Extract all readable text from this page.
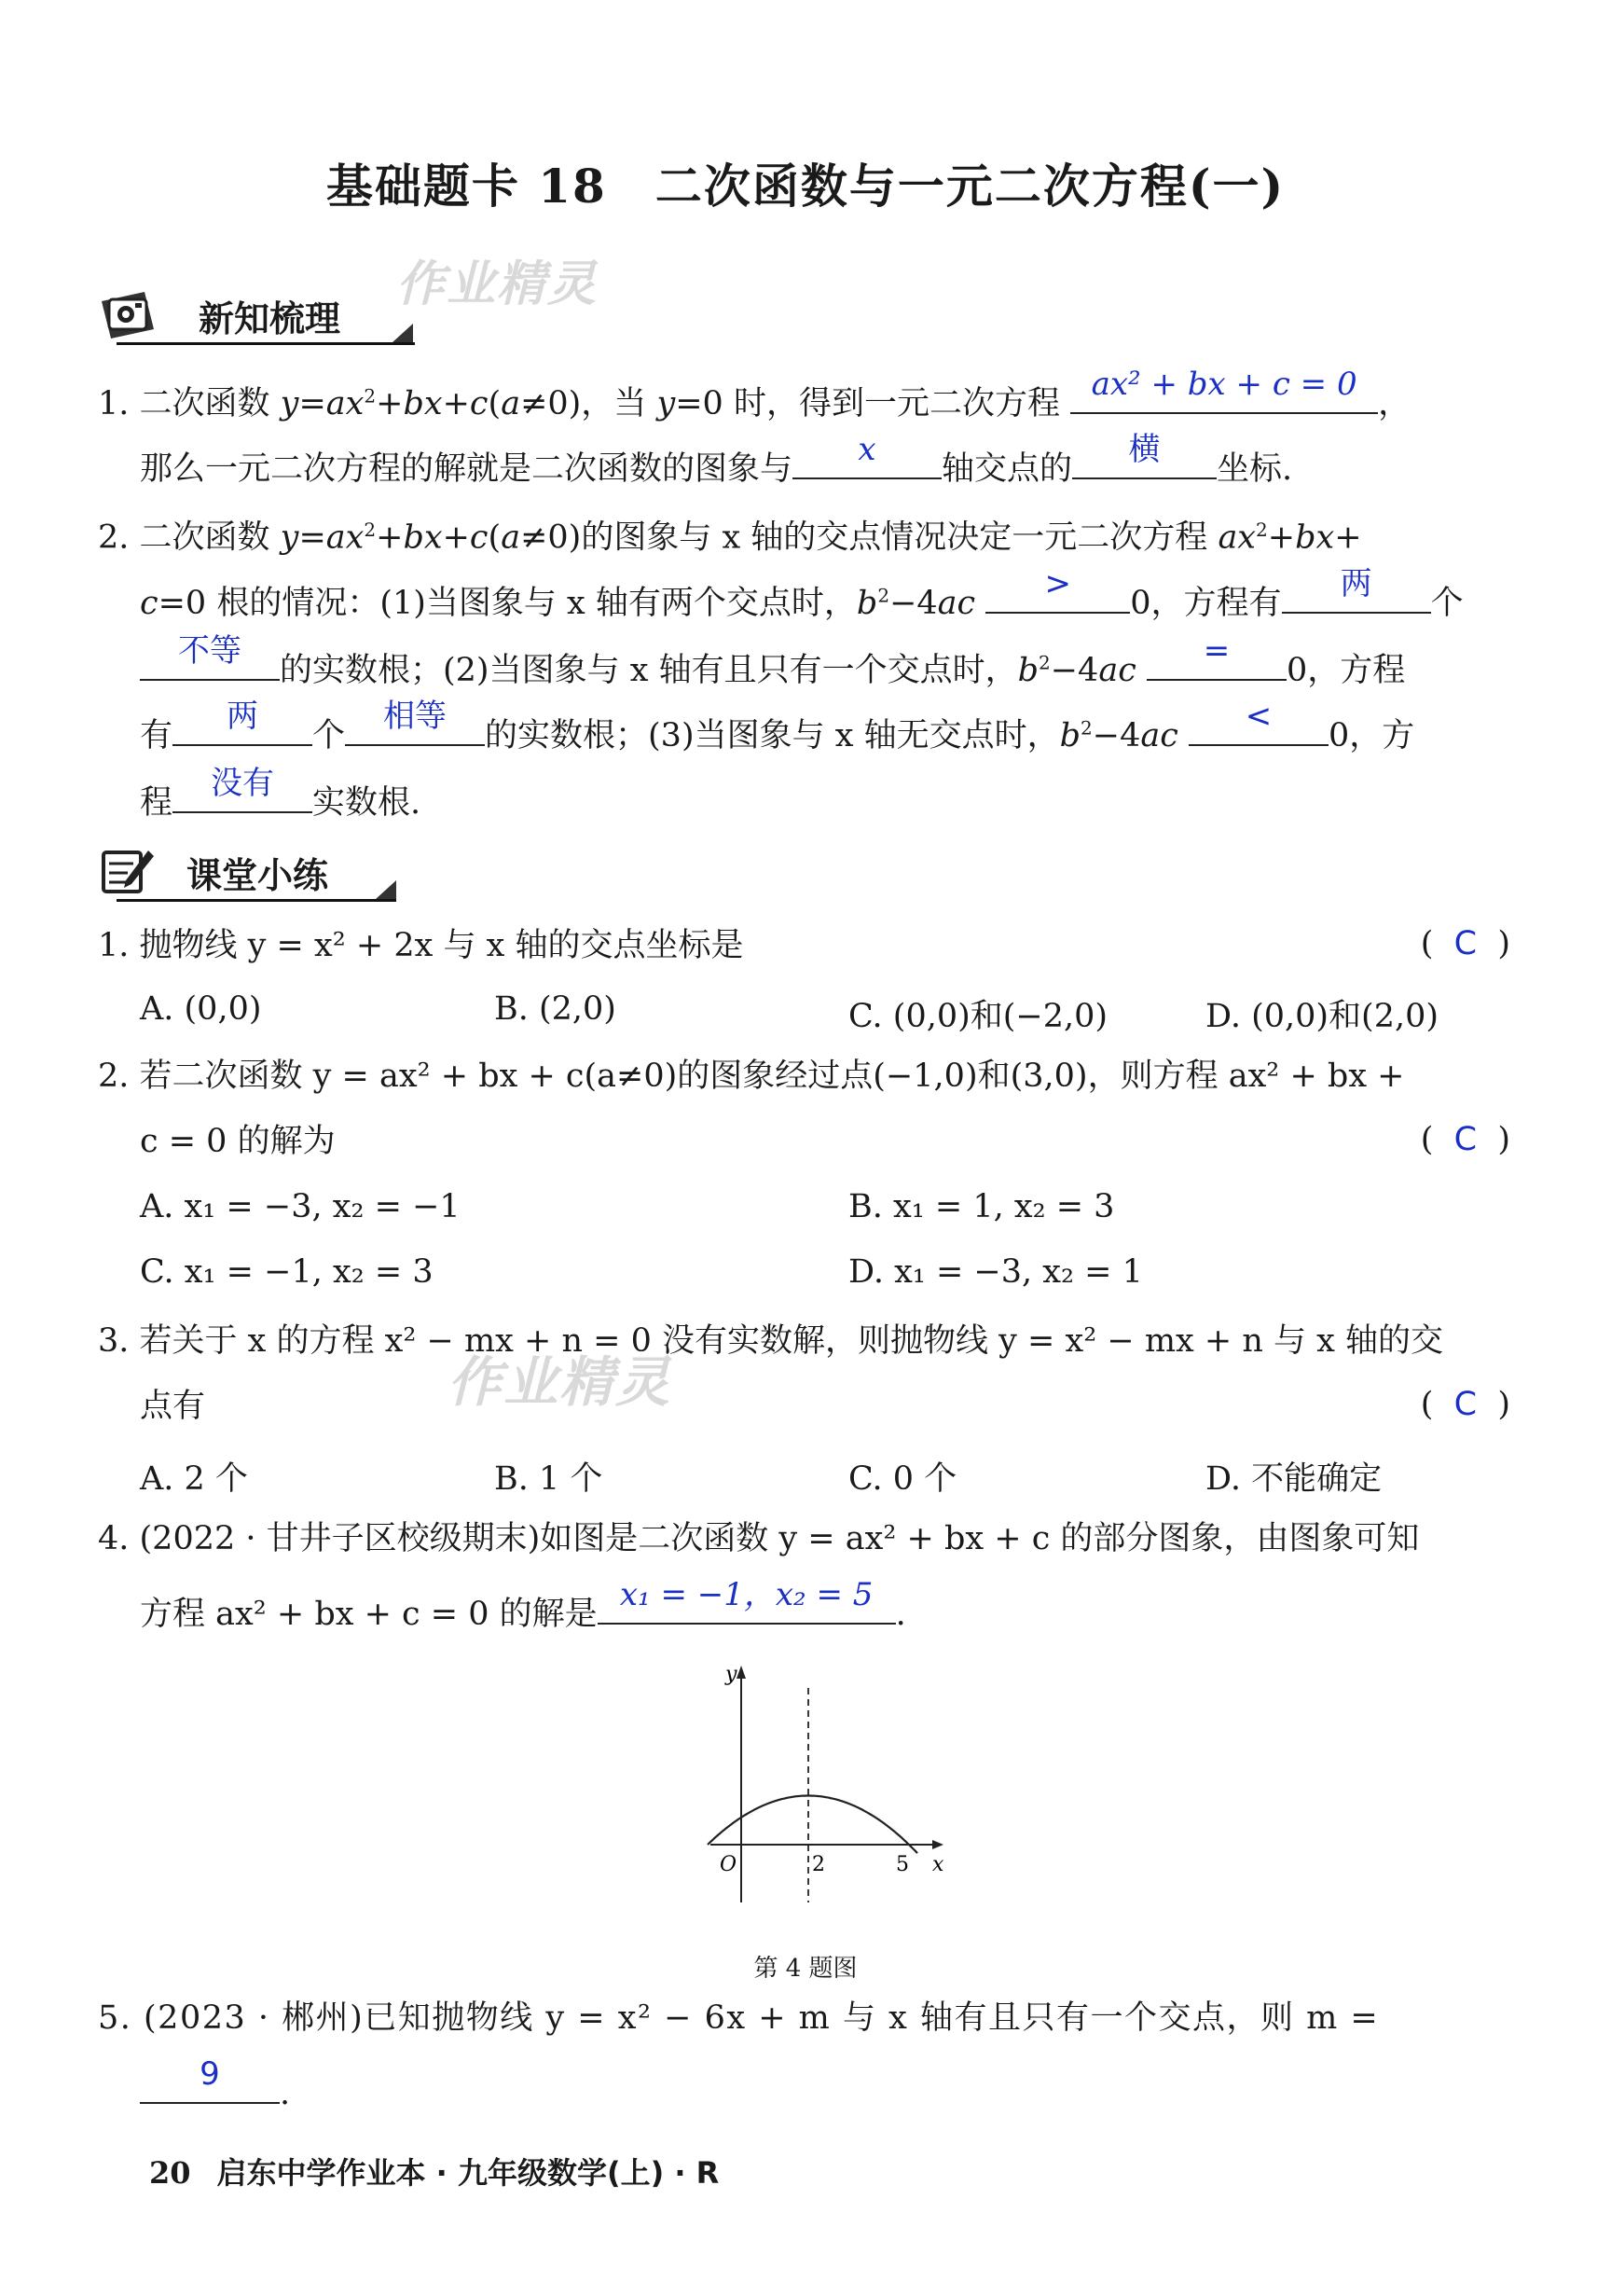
基础题卡 18　二次函数与一元二次方程(一)
作业精灵
作业精灵
新知梳理
1. 二次函数 $y=ax^2+bx+c(a\ne 0)$，当 y=0 时，得到一元二次方程
ax² + bx + c = 0
，
那么一元二次方程的解就是二次函数的图象与
x
轴交点的
横
坐标.
2. 二次函数 $y=ax^2+bx+c(a\ne 0)$的图象与 x 轴的交点情况决定一元二次方程 $ax^2+bx+$
c=0 根的情况：(1)当图象与 x 轴有两个交点时，$b^2-4ac$
>
0，方程有
两
个
不等
的实数根；(2)当图象与 x 轴有且只有一个交点时，$b^2-4ac$
=
0，方程
有
两
个
相等
的实数根；(3)当图象与 x 轴无交点时，$b^2-4ac$
<
0，方
程
没有
实数根.
课堂小练
1. 抛物线 y = x² + 2x 与 x 轴的交点坐标是	(  C  )
A. (0,0)	B. (2,0)	C. (0,0)和(−2,0)	D. (0,0)和(2,0)
2. 若二次函数 y = ax² + bx + c(a≠0)的图象经过点(−1,0)和(3,0)，则方程 ax² + bx +
c = 0 的解为	(  C  )
A. x₁ = −3, x₂ = −1	B. x₁ = 1, x₂ = 3
C. x₁ = −1, x₂ = 3	D. x₁ = −3, x₂ = 1
3. 若关于 x 的方程 x² − mx + n = 0 没有实数解，则抛物线 y = x² − mx + n 与 x 轴的交
点有	(  C  )
A. 2 个	B. 1 个	C. 0 个	D. 不能确定
4. (2022 · 甘井子区校级期末)如图是二次函数 y = ax² + bx + c 的部分图象，由图象可知
方程 ax² + bx + c = 0 的解是
x₁ = −1，x₂ = 5
.
y
O	2	5 x
第 4 题图
5. (2023 · 郴州)已知抛物线 y = x² − 6x + m 与 x 轴有且只有一个交点，则 m =
9
.
20 启东中学作业本 · 九年级数学(上) · R
